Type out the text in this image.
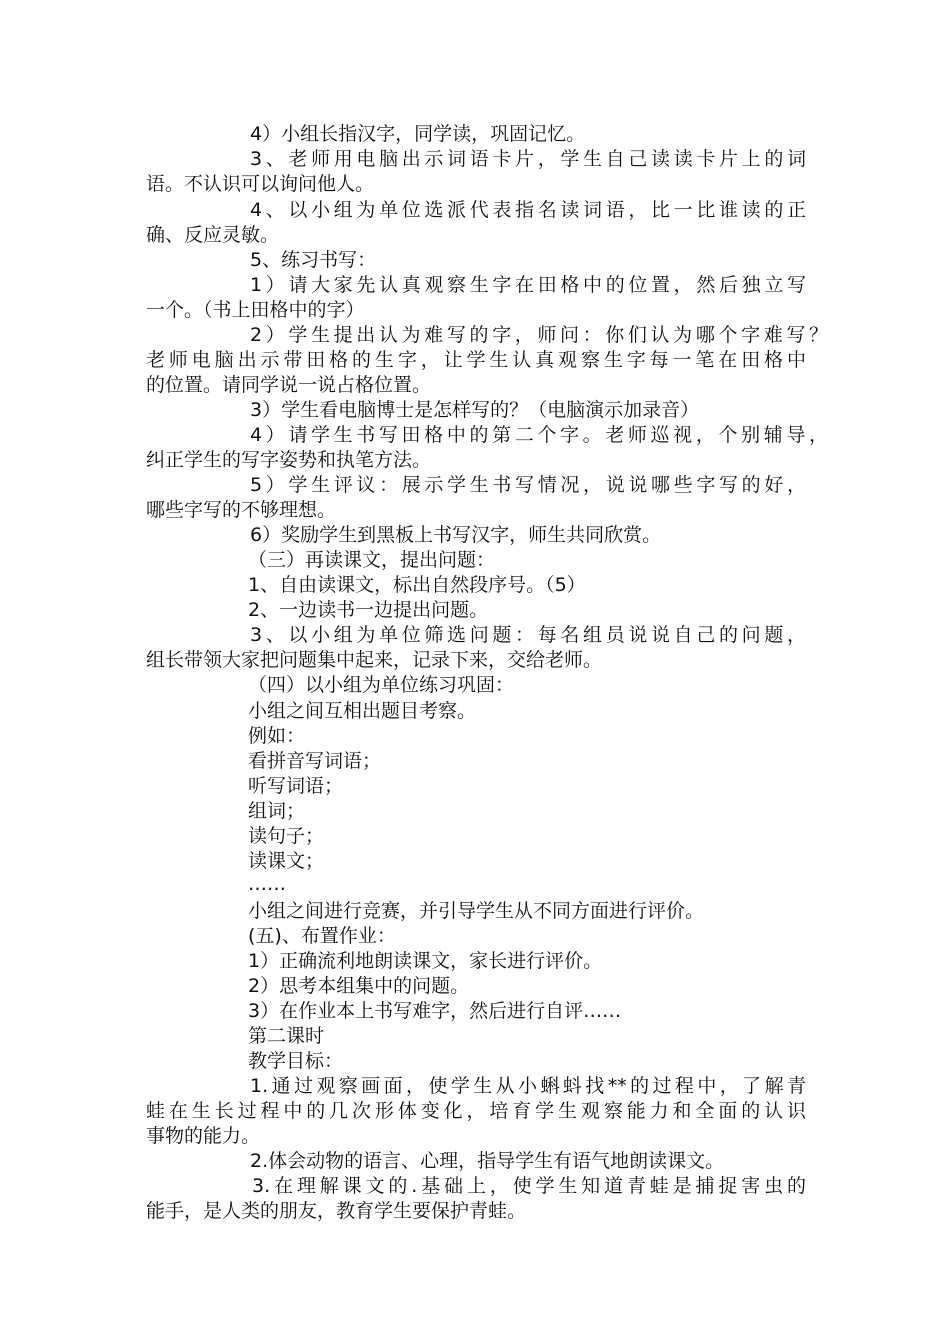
4）小组长指汉字，同学读，巩固记忆。
3、老师用电脑出示词语卡片，学生自己读读卡片上的词
语。不认识可以询问他人。
4、以小组为单位选派代表指名读词语，比一比谁读的正
确、反应灵敏。
5、练习书写：
1）请大家先认真观察生字在田格中的位置，然后独立写
一个。（书上田格中的字）
2）学生提出认为难写的字，师问：你们认为哪个字难写？
老师电脑出示带田格的生字，让学生认真观察生字每一笔在田格中
的位置。请同学说一说占格位置。
3）学生看电脑博士是怎样写的？（电脑演示加录音）
4）请学生书写田格中的第二个字。老师巡视，个别辅导，
纠正学生的写字姿势和执笔方法。
5）学生评议：展示学生书写情况，说说哪些字写的好，
哪些字写的不够理想。
6）奖励学生到黑板上书写汉字，师生共同欣赏。
（三）再读课文，提出问题：
1、自由读课文，标出自然段序号。（5）
2、一边读书一边提出问题。
3、以小组为单位筛选问题：每名组员说说自己的问题，
组长带领大家把问题集中起来，记录下来，交给老师。
（四）以小组为单位练习巩固：
小组之间互相出题目考察。
例如：
看拼音写词语；
听写词语；
组词；
读句子；
读课文；
……
小组之间进行竞赛，并引导学生从不同方面进行评价。
(五)、布置作业：
1）正确流利地朗读课文，家长进行评价。
2）思考本组集中的问题。
3）在作业本上书写难字，然后进行自评……
第二课时
教学目标：
1.通过观察画面，使学生从小蝌蚪找**的过程中，了解青
蛙在生长过程中的几次形体变化，培育学生观察能力和全面的认识
事物的能力。
2.体会动物的语言、心理，指导学生有语气地朗读课文。
3.在理解课文的.基础上，使学生知道青蛙是捕捉害虫的
能手，是人类的朋友，教育学生要保护青蛙。
